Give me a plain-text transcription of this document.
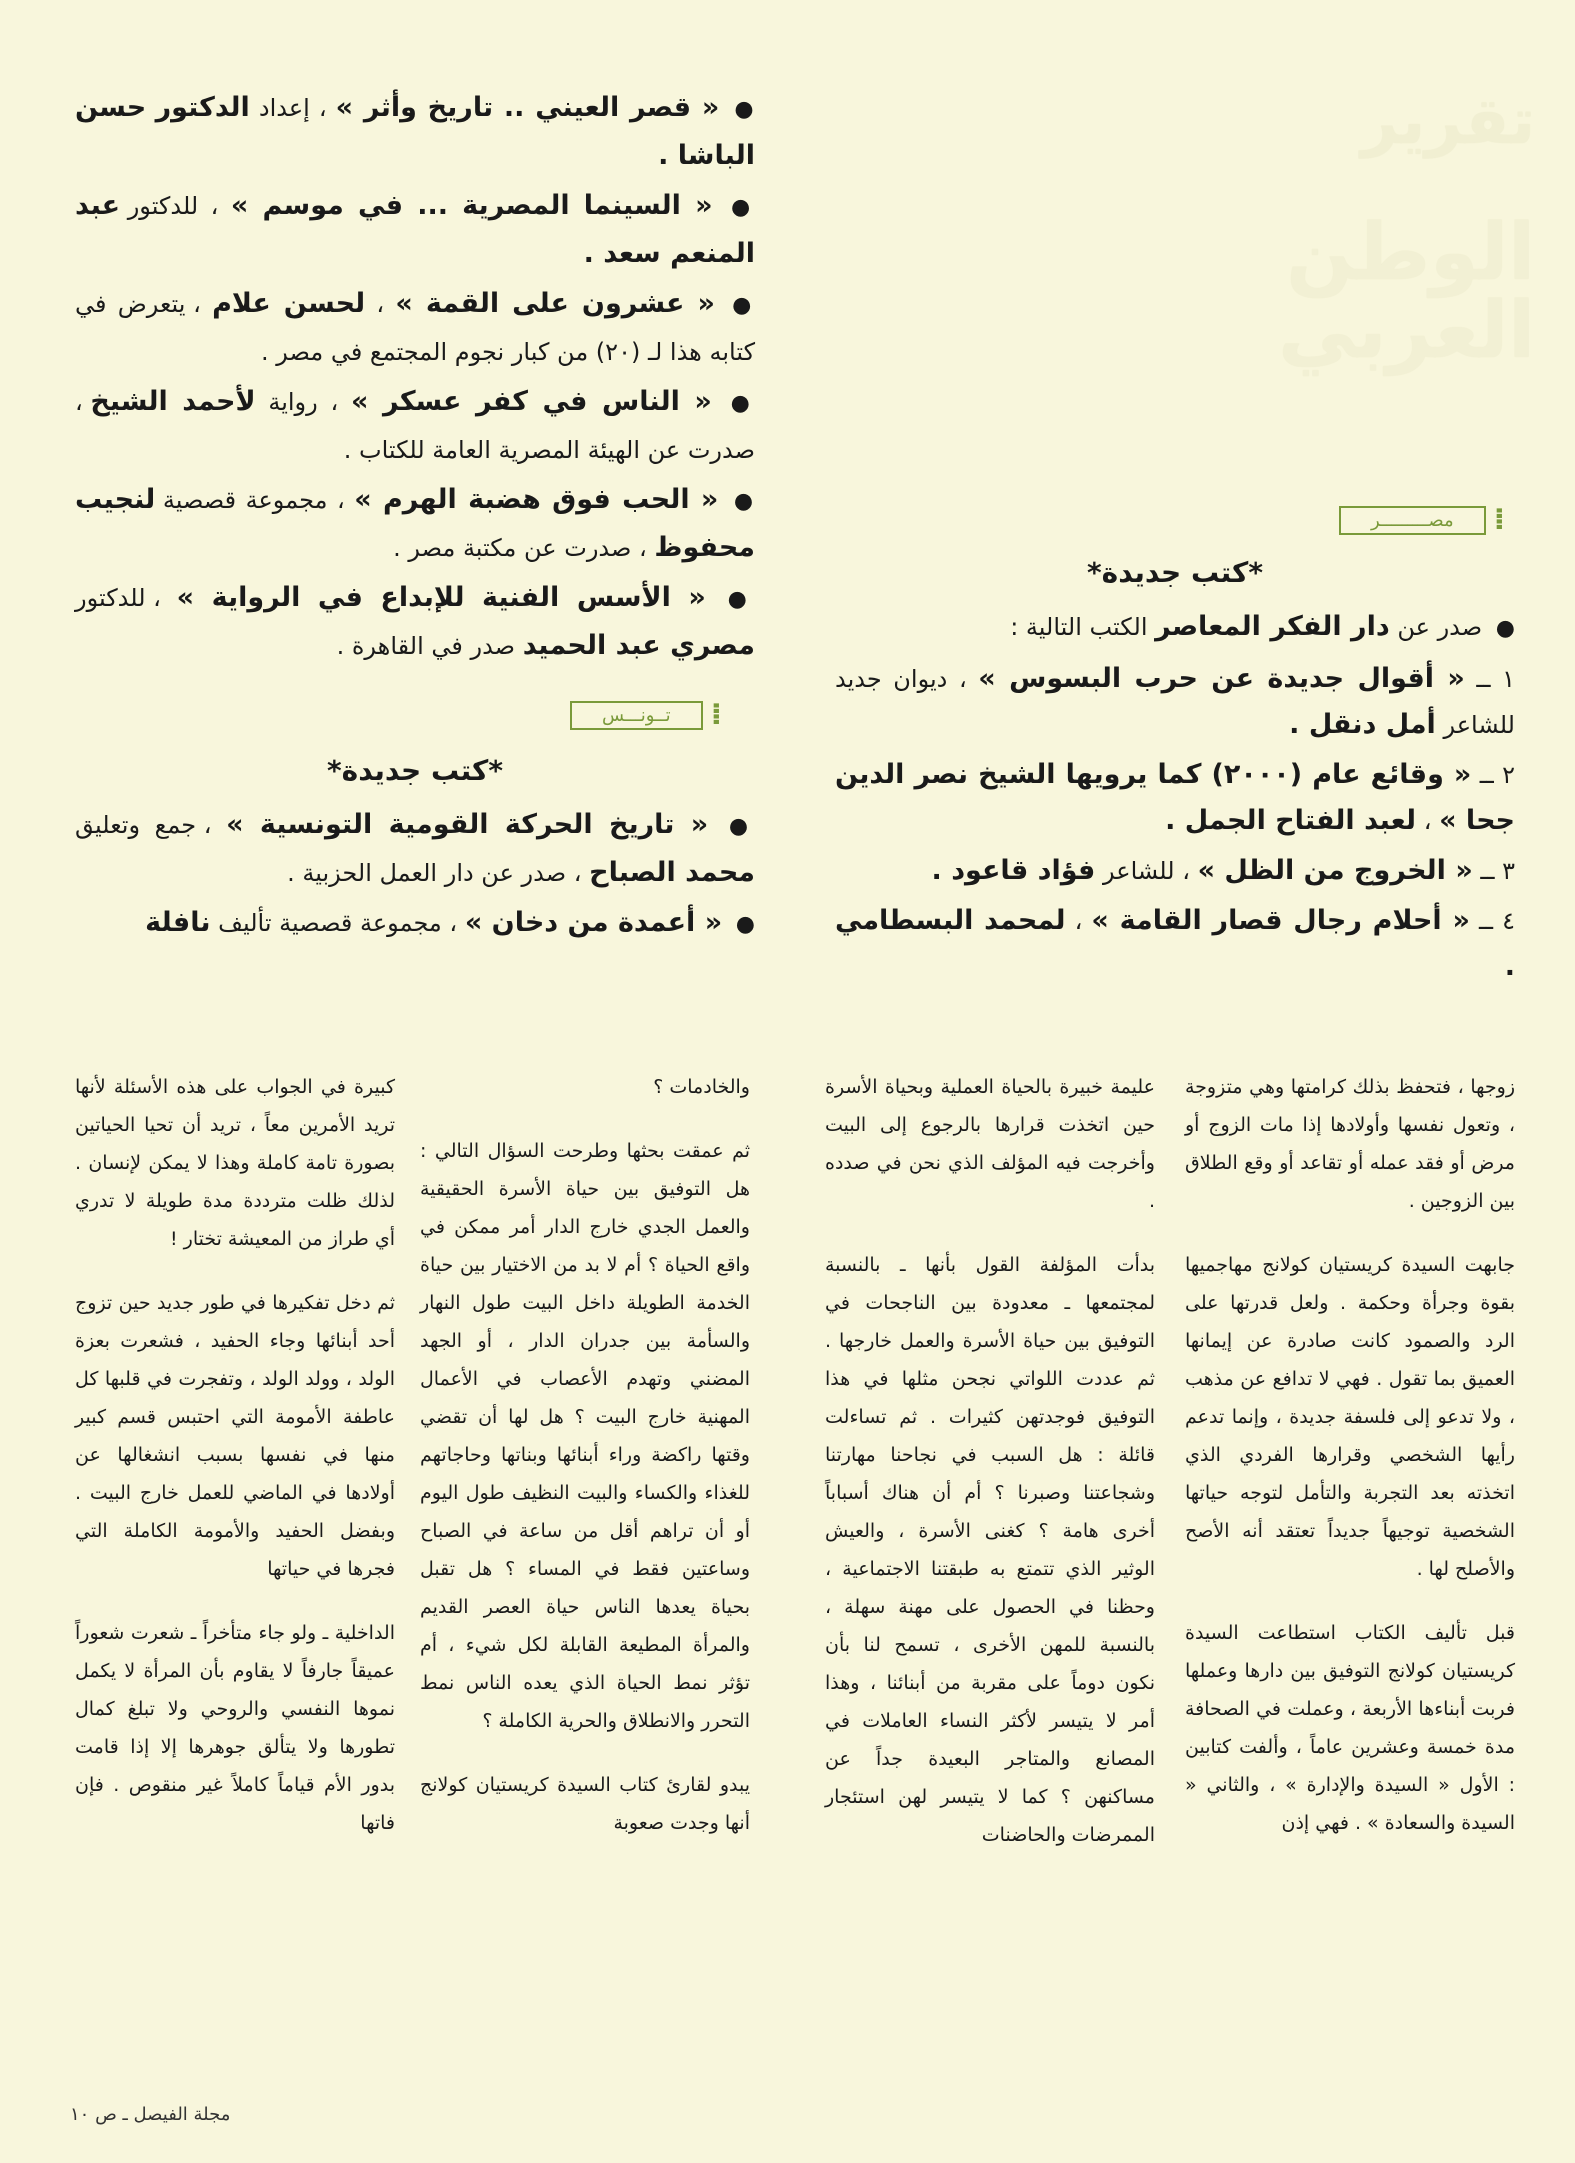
تقرير
الوطن العربي
⁞
مصـــــــــر
*كتب جديدة*
● صدر عن دار الفكر المعاصر الكتب التالية :
١ ــ « أقوال جديدة عن حرب البسوس » ، ديوان جديد للشاعر أمل دنقل .
٢ ــ « وقائع عام (٢٠٠٠) كما يرويها الشيخ نصر الدين جحا » ، لعبد الفتاح الجمل .
٣ ــ « الخروج من الظل » ، للشاعر فؤاد قاعود .
٤ ــ « أحلام رجال قصار القامة » ، لمحمد البسطامي .
● « قصر العيني .. تاريخ وأثر » ، إعداد الدكتور حسن الباشا .
● « السينما المصرية ... في موسم » ، للدكتور عبد المنعم سعد .
● « عشرون على القمة » ، لحسن علام ، يتعرض في كتابه هذا لـ (٢٠) من كبار نجوم المجتمع في مصر .
● « الناس في كفر عسكر » ، رواية لأحمد الشيخ ، صدرت عن الهيئة المصرية العامة للكتاب .
● « الحب فوق هضبة الهرم » ، مجموعة قصصية لنجيب محفوظ ، صدرت عن مكتبة مصر .
● « الأسس الفنية للإبداع في الرواية » ، للدكتور مصري عبد الحميد صدر في القاهرة .
⁞
تــونـــس
*كتب جديدة*
● « تاريخ الحركة القومية التونسية » ، جمع وتعليق محمد الصباح ، صدر عن دار العمل الحزبية .
● « أعمدة من دخان » ، مجموعة قصصية تأليف نافلة

زوجها ، فتحفظ بذلك كرامتها وهي متزوجة ، وتعول نفسها وأولادها إذا مات الزوج أو مرض أو فقد عمله أو تقاعد أو وقع الطلاق بين الزوجين .

جابهت السيدة كريستيان كولانج مهاجميها بقوة وجرأة وحكمة . ولعل قدرتها على الرد والصمود كانت صادرة عن إيمانها العميق بما تقول . فهي لا تدافع عن مذهب ، ولا تدعو إلى فلسفة جديدة ، وإنما تدعم رأيها الشخصي وقرارها الفردي الذي اتخذته بعد التجربة والتأمل لتوجه حياتها الشخصية توجيهاً جديداً تعتقد أنه الأصح والأصلح لها .

قبل تأليف الكتاب استطاعت السيدة كريستيان كولانج التوفيق بين دارها وعملها فربت أبناءها الأربعة ، وعملت في الصحافة مدة خمسة وعشرين عاماً ، وألفت كتابين : الأول « السيدة والإدارة » ، والثاني « السيدة والسعادة » . فهي إذن

عليمة خبيرة بالحياة العملية وبحياة الأسرة حين اتخذت قرارها بالرجوع إلى البيت وأخرجت فيه المؤلف الذي نحن في صدده .

بدأت المؤلفة القول بأنها ـ بالنسبة لمجتمعها ـ معدودة بين الناجحات في التوفيق بين حياة الأسرة والعمل خارجها . ثم عددت اللواتي نجحن مثلها في هذا التوفيق فوجدتهن كثيرات . ثم تساءلت قائلة : هل السبب في نجاحنا مهارتنا وشجاعتنا وصبرنا ؟ أم أن هناك أسباباً أخرى هامة ؟ كغنى الأسرة ، والعيش الوثير الذي تتمتع به طبقتنا الاجتماعية ، وحظنا في الحصول على مهنة سهلة ، بالنسبة للمهن الأخرى ، تسمح لنا بأن نكون دوماً على مقربة من أبنائنا ، وهذا أمر لا يتيسر لأكثر النساء العاملات في المصانع والمتاجر البعيدة جداً عن مساكنهن ؟ كما لا يتيسر لهن استئجار الممرضات والحاضنات

والخادمات ؟

ثم عمقت بحثها وطرحت السؤال التالي : هل التوفيق بين حياة الأسرة الحقيقية والعمل الجدي خارج الدار أمر ممكن في واقع الحياة ؟ أم لا بد من الاختيار بين حياة الخدمة الطويلة داخل البيت طول النهار والسأمة بين جدران الدار ، أو الجهد المضني وتهدم الأعصاب في الأعمال المهنية خارج البيت ؟ هل لها أن تقضي وقتها راكضة وراء أبنائها وبناتها وحاجاتهم للغذاء والكساء والبيت النظيف طول اليوم أو أن تراهم أقل من ساعة في الصباح وساعتين فقط في المساء ؟ هل تقبل بحياة يعدها الناس حياة العصر القديم والمرأة المطيعة القابلة لكل شيء ، أم تؤثر نمط الحياة الذي يعده الناس نمط التحرر والانطلاق والحرية الكاملة ؟

يبدو لقارئ كتاب السيدة كريستيان كولانج أنها وجدت صعوبة

كبيرة في الجواب على هذه الأسئلة لأنها تريد الأمرين معاً ، تريد أن تحيا الحياتين بصورة تامة كاملة وهذا لا يمكن لإنسان . لذلك ظلت مترددة مدة طويلة لا تدري أي طراز من المعيشة تختار !

ثم دخل تفكيرها في طور جديد حين تزوج أحد أبنائها وجاء الحفيد ، فشعرت بعزة الولد ، وولد الولد ، وتفجرت في قلبها كل عاطفة الأمومة التي احتبس قسم كبير منها في نفسها بسبب انشغالها عن أولادها في الماضي للعمل خارج البيت . وبفضل الحفيد والأمومة الكاملة التي فجرها في حياتها

الداخلية ـ ولو جاء متأخراً ـ شعرت شعوراً عميقاً جارفاً لا يقاوم بأن المرأة لا يكمل نموها النفسي والروحي ولا تبلغ كمال تطورها ولا يتألق جوهرها إلا إذا قامت بدور الأم قياماً كاملاً غير منقوص . فإن فاتها

مجلة الفيصل ـ ص ١٠
